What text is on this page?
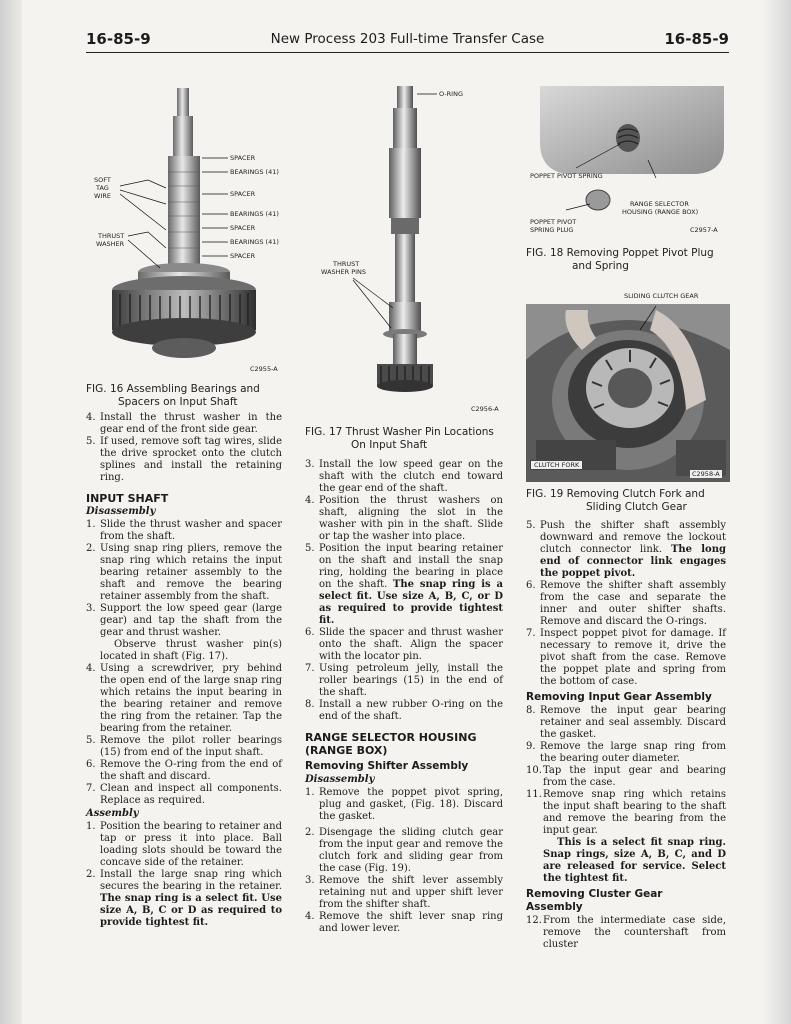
16-85-9	New Process 203 Full-time Transfer Case	16-85-9
SPACER
BEARINGS (41)
SPACER
BEARINGS (41)
SPACER
BEARINGS (41)
SPACER
SOFT
TAG
WIRE
THRUST
WASHER
C2955-A
FIG. 16 Assembling Bearings and
Spacers on Input Shaft
O-RING
THRUST
WASHER PINS
C2956-A
FIG. 17 Thrust Washer Pin Locations
On Input Shaft
POPPET PIVOT SPRING
RANGE SELECTOR
HOUSING (RANGE BOX)
POPPET PIVOT
SPRING PLUG	C2957-A
FIG. 18 Removing Poppet Pivot Plug
and Spring
SLIDING CLUTCH GEAR
CLUTCH FORK
C2958-A
FIG. 19 Removing Clutch Fork and
Sliding Clutch Gear

4. Install the thrust washer in the gear end of the front side gear.

5. If used, remove soft tag wires, slide the drive sprocket onto the clutch splines and install the retaining ring.

INPUT SHAFT
Disassembly

1. Slide the thrust washer and spacer from the shaft.

2. Using snap ring pliers, remove the snap ring which retains the input bearing retainer assembly to the shaft and remove the bearing retainer assembly from the shaft.

3. Support the low speed gear (large gear) and tap the shaft from the gear and thrust washer.

Observe thrust washer pin(s) located in shaft (Fig. 17).

4. Using a screwdriver, pry behind the open end of the large snap ring which retains the input bearing in the bearing retainer and remove the ring from the retainer. Tap the bearing from the retainer.

5. Remove the pilot roller bearings (15) from end of the input shaft.

6. Remove the O-ring from the end of the shaft and discard.

7. Clean and inspect all components. Replace as required.

Assembly

1. Position the bearing to retainer and tap or press it into place. Ball loading slots should be toward the concave side of the retainer.

2. Install the large snap ring which secures the bearing in the retainer. The snap ring is a select fit. Use size A, B, C or D as required to provide tightest fit.

3. Install the low speed gear on the shaft with the clutch end toward the gear end of the shaft.

4. Position the thrust washers on shaft, aligning the slot in the washer with pin in the shaft. Slide or tap the washer into place.

5. Position the input bearing retainer on the shaft and install the snap ring, holding the bearing in place on the shaft. The snap ring is a select fit. Use size A, B, C, or D as required to provide tightest fit.

6. Slide the spacer and thrust washer onto the shaft. Align the spacer with the locator pin.

7. Using petroleum jelly, install the roller bearings (15) in the end of the shaft.

8. Install a new rubber O-ring on the end of the shaft.

RANGE SELECTOR HOUSING
(RANGE BOX)
Removing Shifter Assembly
Disassembly

1. Remove the poppet pivot spring, plug and gasket, (Fig. 18). Discard the gasket.

2. Disengage the sliding clutch gear from the input gear and remove the clutch fork and sliding gear from the case (Fig. 19).

3. Remove the shift lever assembly retaining nut and upper shift lever from the shifter shaft.

4. Remove the shift lever snap ring and lower lever.

5. Push the shifter shaft assembly downward and remove the lockout clutch connector link. The long end of connector link engages the poppet pivot.

6. Remove the shifter shaft assembly from the case and separate the inner and outer shifter shafts. Remove and discard the O-rings.

7. Inspect poppet pivot for damage. If necessary to remove it, drive the pivot shaft from the case. Remove the poppet plate and spring from the bottom of case.

Removing Input Gear Assembly

8. Remove the input gear bearing retainer and seal assembly. Discard the gasket.

9. Remove the large snap ring from the bearing outer diameter.

10. Tap the input gear and bearing from the case.

11. Remove snap ring which retains the input shaft bearing to the shaft and remove the bearing from the input gear.

This is a select fit snap ring. Snap rings, size A, B, C, and D are released for service. Select the tightest fit.

Removing Cluster Gear
Assembly

12. From the intermediate case side, remove the countershaft from cluster
